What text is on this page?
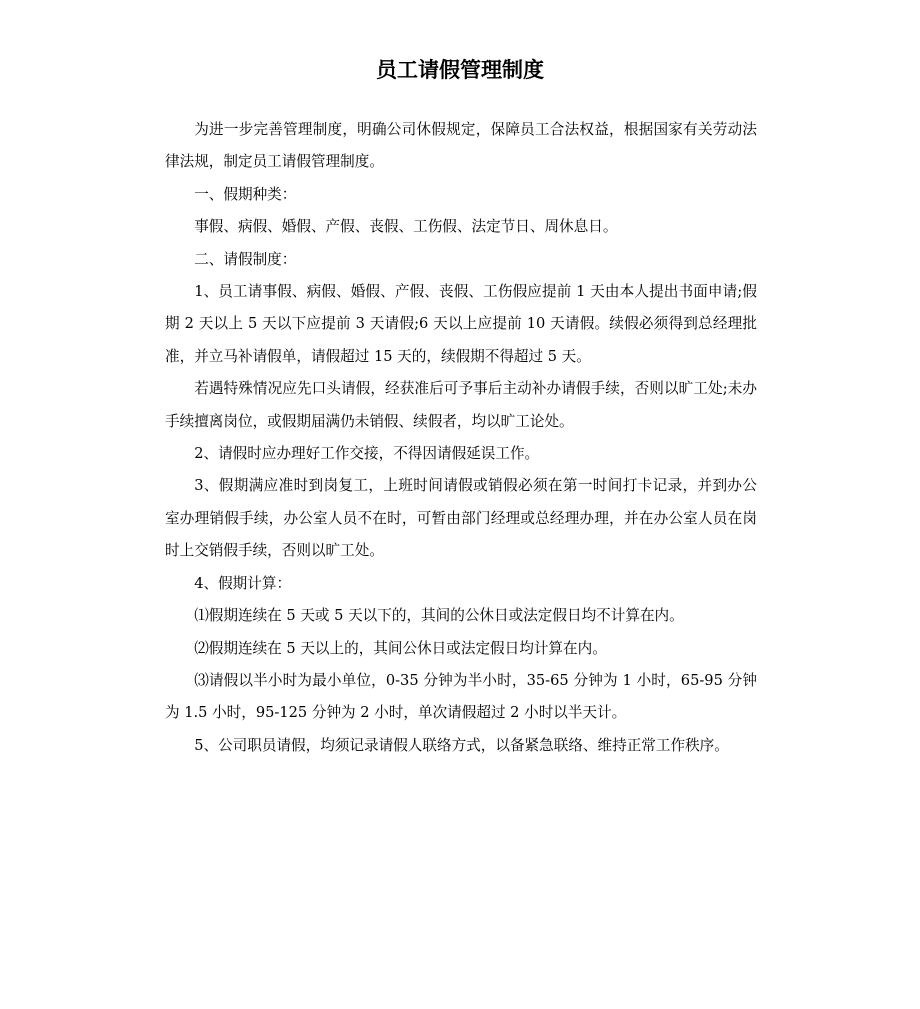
员工请假管理制度

为进一步完善管理制度，明确公司休假规定，保障员工合法权益，根据国家有关劳动法律法规，制定员工请假管理制度。

一、假期种类：

事假、病假、婚假、产假、丧假、工伤假、法定节日、周休息日。

二、请假制度：

1、员工请事假、病假、婚假、产假、丧假、工伤假应提前 1 天由本人提出书面申请;假期 2 天以上 5 天以下应提前 3 天请假;6 天以上应提前 10 天请假。续假必须得到总经理批准，并立马补请假单，请假超过 15 天的，续假期不得超过 5 天。

若遇特殊情况应先口头请假，经获准后可予事后主动补办请假手续，否则以旷工处;未办手续擅离岗位，或假期届满仍未销假、续假者，均以旷工论处。

2、请假时应办理好工作交接，不得因请假延误工作。

3、假期满应准时到岗复工，上班时间请假或销假必须在第一时间打卡记录，并到办公室办理销假手续，办公室人员不在时，可暂由部门经理或总经理办理，并在办公室人员在岗时上交销假手续，否则以旷工处。

4、假期计算：

⑴假期连续在 5 天或 5 天以下的，其间的公休日或法定假日均不计算在内。

⑵假期连续在 5 天以上的，其间公休日或法定假日均计算在内。

⑶请假以半小时为最小单位，0-35 分钟为半小时，35-65 分钟为 1 小时，65-95 分钟为 1.5 小时，95-125 分钟为 2 小时，单次请假超过 2 小时以半天计。

5、公司职员请假，均须记录请假人联络方式，以备紧急联络、维持正常工作秩序。
